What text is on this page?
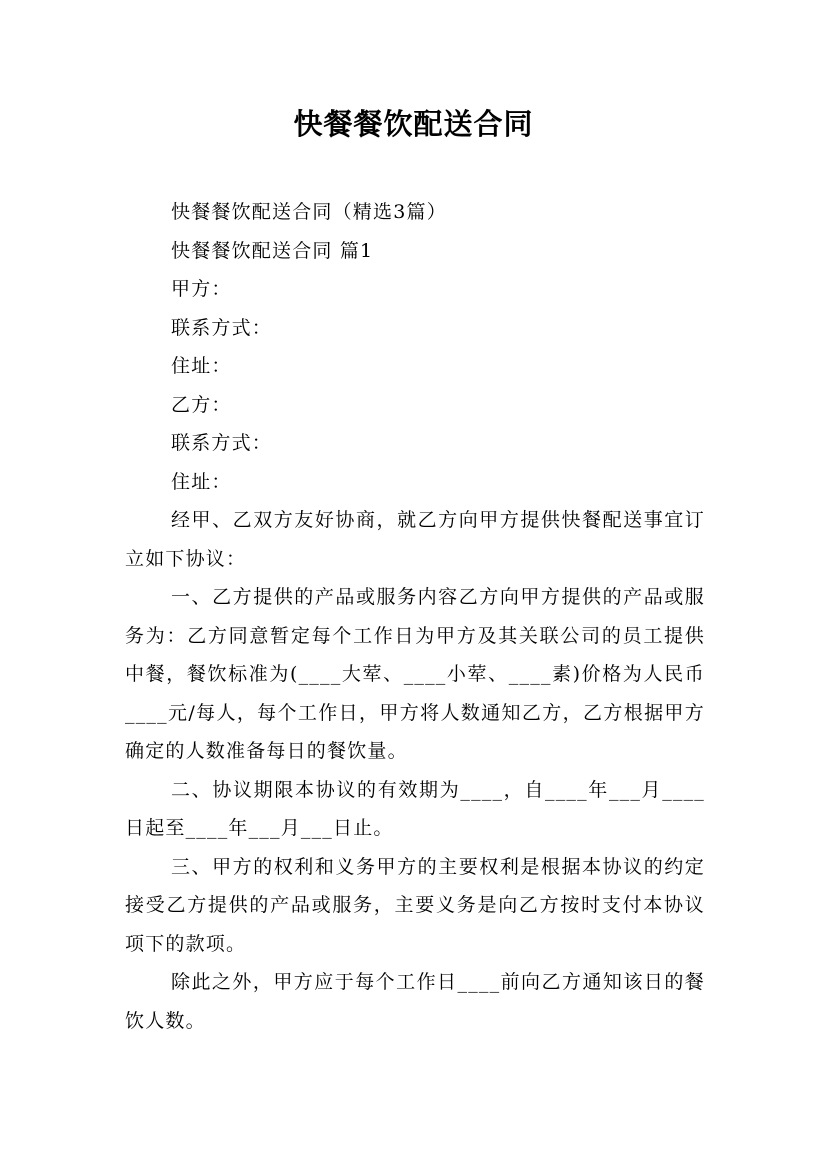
快餐餐饮配送合同

快餐餐饮配送合同（精选3篇）

快餐餐饮配送合同 篇1

甲方：

联系方式：

住址：

乙方：

联系方式：

住址：

经甲、乙双方友好协商，就乙方向甲方提供快餐配送事宜订立如下协议：

一、乙方提供的产品或服务内容乙方向甲方提供的产品或服务为：乙方同意暂定每个工作日为甲方及其关联公司的员工提供中餐，餐饮标准为(____大荤、____小荤、____素)价格为人民币____元/每人，每个工作日，甲方将人数通知乙方，乙方根据甲方确定的人数准备每日的餐饮量。

二、协议期限本协议的有效期为____，自____年___月____日起至____年___月___日止。

三、甲方的权利和义务甲方的主要权利是根据本协议的约定接受乙方提供的产品或服务，主要义务是向乙方按时支付本协议项下的款项。

除此之外，甲方应于每个工作日____前向乙方通知该日的餐饮人数。
